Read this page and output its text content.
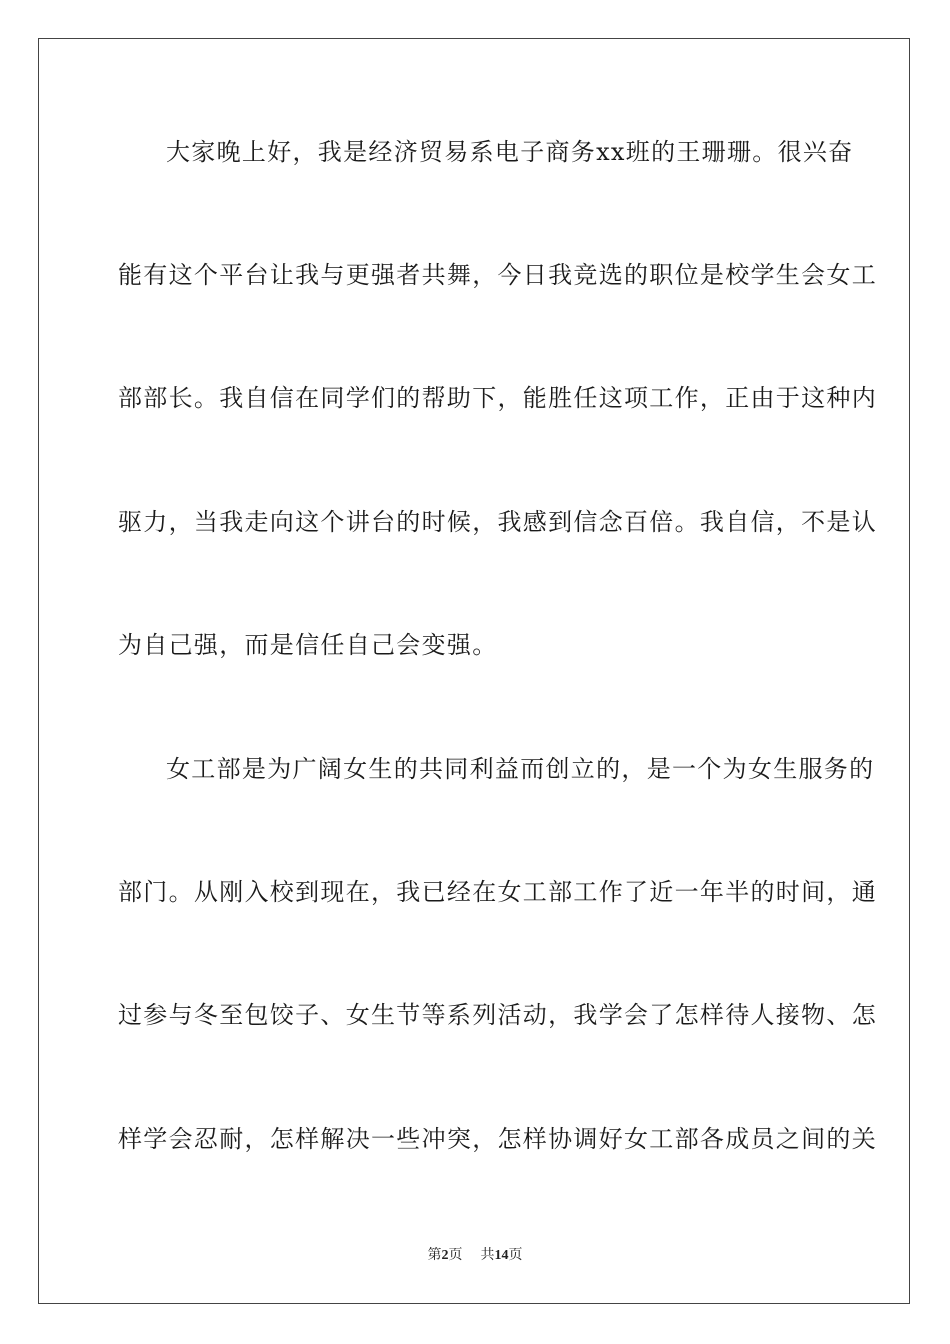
大家晚上好，我是经济贸易系电子商务xx班的王珊珊。很兴奋
能有这个平台让我与更强者共舞，今日我竞选的职位是校学生会女工
部部长。我自信在同学们的帮助下，能胜任这项工作，正由于这种内
驱力，当我走向这个讲台的时候，我感到信念百倍。我自信，不是认
为自己强，而是信任自己会变强。
女工部是为广阔女生的共同利益而创立的，是一个为女生服务的
部门。从刚入校到现在，我已经在女工部工作了近一年半的时间，通
过参与冬至包饺子、女生节等系列活动，我学会了怎样待人接物、怎
样学会忍耐，怎样解决一些冲突，怎样协调好女工部各成员之间的关
第2页 共14页
